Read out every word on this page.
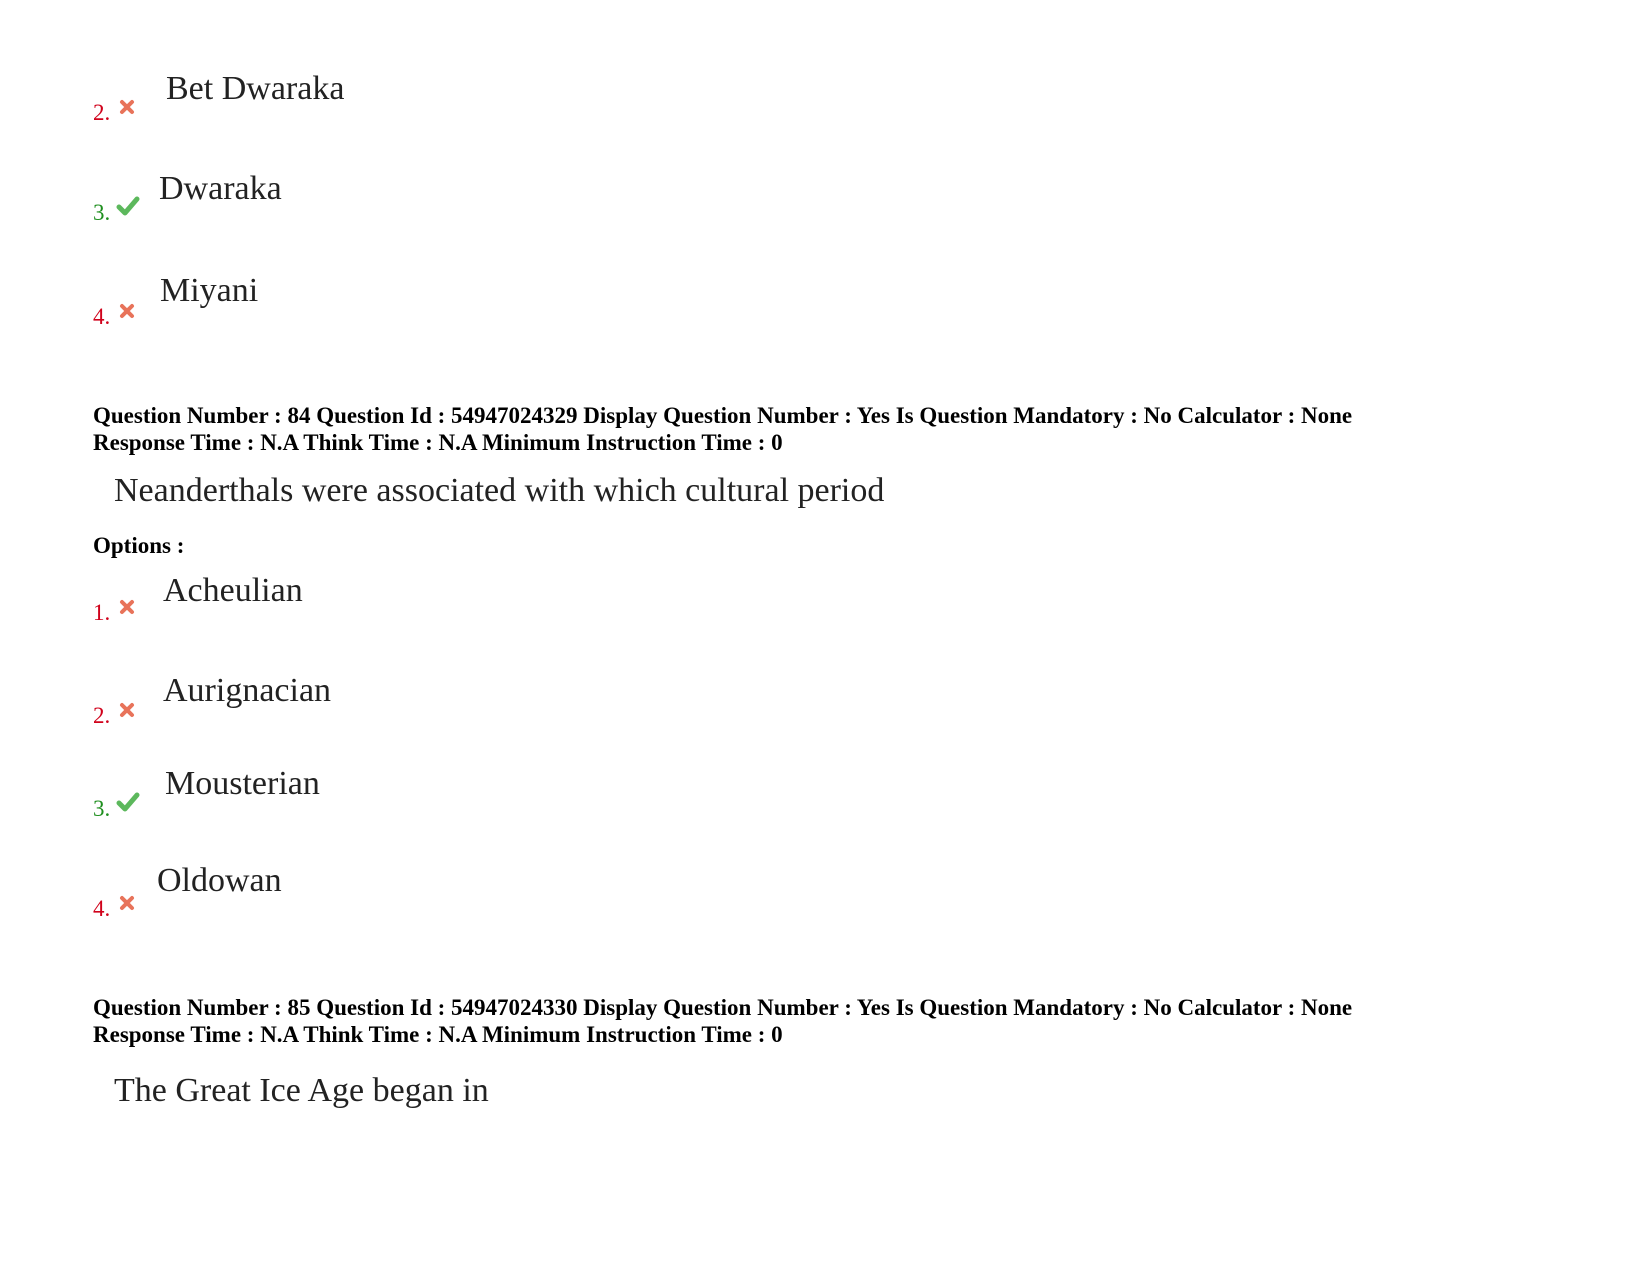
2.
Bet Dwaraka
3.
Dwaraka
4.
Miyani
Question Number : 84 Question Id : 54947024329 Display Question Number : Yes Is Question Mandatory : No Calculator : None
Response Time : N.A Think Time : N.A Minimum Instruction Time : 0
Neanderthals were associated with which cultural period
Options :
1.
Acheulian
2.
Aurignacian
3.
Mousterian
4.
Oldowan
Question Number : 85 Question Id : 54947024330 Display Question Number : Yes Is Question Mandatory : No Calculator : None
Response Time : N.A Think Time : N.A Minimum Instruction Time : 0
The Great Ice Age began in
